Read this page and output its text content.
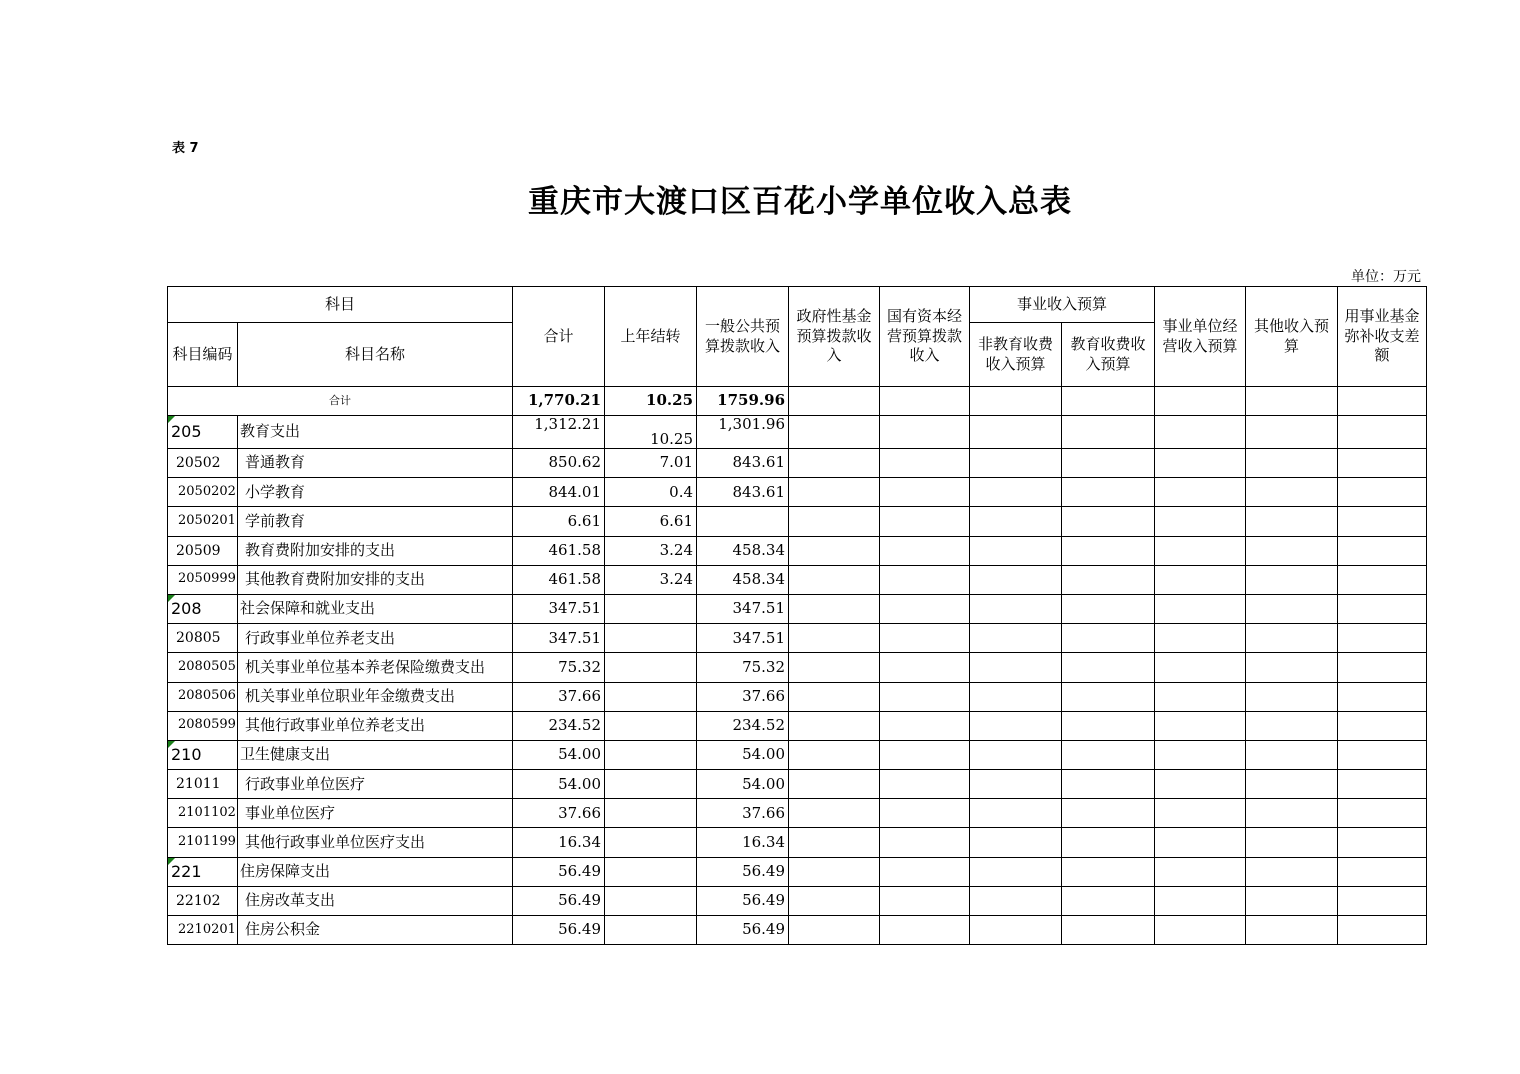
表 7
重庆市大渡口区百花小学单位收入总表
单位：万元
科目		合计	上年结转	一般公共预算拨款收入	政府性基金预算拨款收入	国有资本经营预算拨款收入	事业收入预算		事业单位经营收入预算	其他收入预算	用事业基金弥补收支差额
科目编码	科目名称						非教育收费收入预算	教育收费收入预算			
合计		1,770.21	10.25	1759.96							
205	教育支出	1,312.21	10.25	1,301.96							
20502	普通教育	850.62	7.01	843.61							
2050202	小学教育	844.01	0.4	843.61							
2050201	学前教育	6.61	6.61								
20509	教育费附加安排的支出	461.58	3.24	458.34							
2050999	其他教育费附加安排的支出	461.58	3.24	458.34							
208	社会保障和就业支出	347.51		347.51							
20805	行政事业单位养老支出	347.51		347.51							
2080505	机关事业单位基本养老保险缴费支出	75.32		75.32							
2080506	机关事业单位职业年金缴费支出	37.66		37.66							
2080599	其他行政事业单位养老支出	234.52		234.52							
210	卫生健康支出	54.00		54.00							
21011	行政事业单位医疗	54.00		54.00							
2101102	事业单位医疗	37.66		37.66							
2101199	其他行政事业单位医疗支出	16.34		16.34							
221	住房保障支出	56.49		56.49							
22102	住房改革支出	56.49		56.49							
2210201	住房公积金	56.49		56.49							
